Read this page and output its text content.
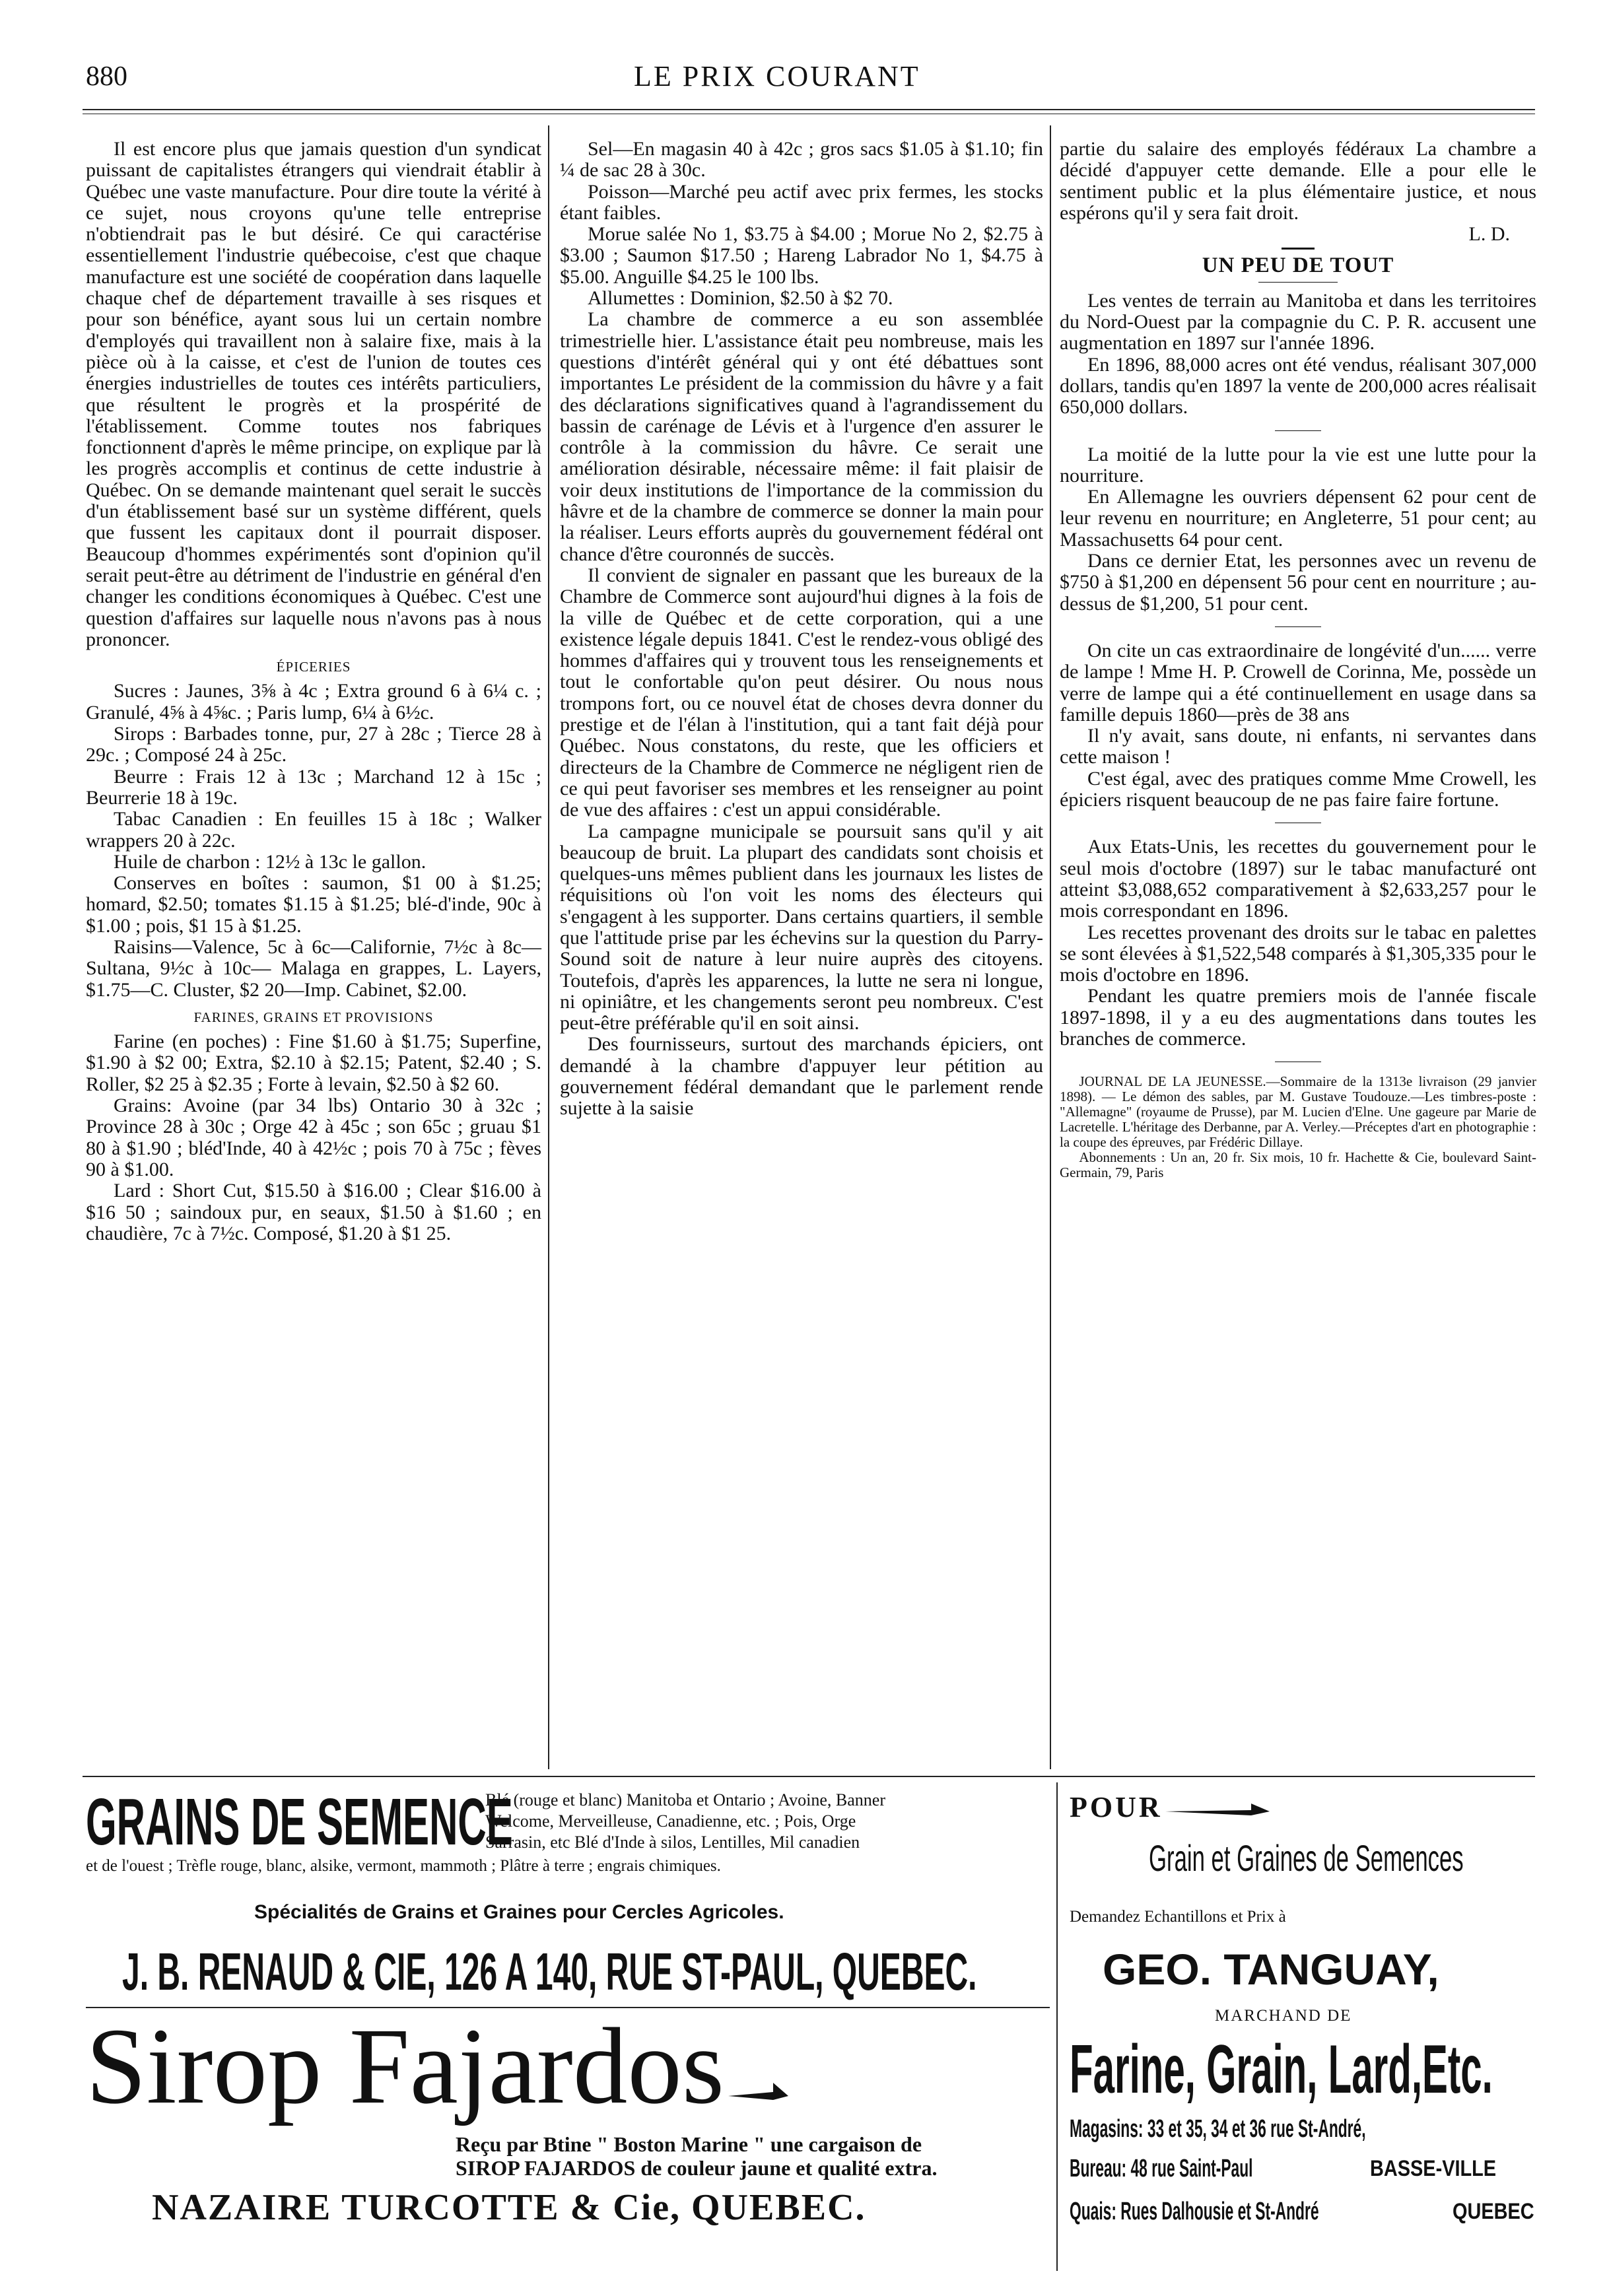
880	LE PRIX COURANT

Il est encore plus que jamais question d'un syndicat puissant de capitalistes étrangers qui viendrait établir à Québec une vaste manufacture. Pour dire toute la vérité à ce sujet, nous croyons qu'une telle entreprise n'obtiendrait pas le but désiré. Ce qui caractérise essentiellement l'industrie québecoise, c'est que chaque manufacture est une société de coopération dans laquelle chaque chef de département travaille à ses risques et pour son bénéfice, ayant sous lui un certain nombre d'employés qui travaillent non à salaire fixe, mais à la pièce où à la caisse, et c'est de l'union de toutes ces énergies industrielles de toutes ces intérêts particuliers, que résultent le progrès et la prospérité de l'établissement. Comme toutes nos fabriques fonctionnent d'après le même principe, on explique par là les progrès accomplis et continus de cette industrie à Québec. On se demande maintenant quel serait le succès d'un établissement basé sur un système différent, quels que fussent les capitaux dont il pourrait disposer. Beaucoup d'hommes expérimentés sont d'opinion qu'il serait peut-être au détriment de l'industrie en général d'en changer les conditions économiques à Québec. C'est une question d'affaires sur laquelle nous n'avons pas à nous prononcer.

ÉPICERIES

Sucres : Jaunes, 3⅝ à 4c ; Extra ground 6 à 6¼ c. ; Granulé, 4⅝ à 4⅝c. ; Paris lump, 6¼ à 6½c.

Sirops : Barbades tonne, pur, 27 à 28c ; Tierce 28 à 29c. ; Composé 24 à 25c.

Beurre : Frais 12 à 13c ; Marchand 12 à 15c ; Beurrerie 18 à 19c.

Tabac Canadien : En feuilles 15 à 18c ; Walker wrappers 20 à 22c.

Huile de charbon : 12½ à 13c le gallon.

Conserves en boîtes : saumon, $1 00 à $1.25; homard, $2.50; tomates $1.15 à $1.25; blé-d'inde, 90c à $1.00 ; pois, $1 15 à $1.25.

Raisins—Valence, 5c à 6c—Californie, 7½c à 8c—Sultana, 9½c à 10c— Malaga en grappes, L. Layers, $1.75—C. Cluster, $2 20—Imp. Cabinet, $2.00.

FARINES, GRAINS ET PROVISIONS

Farine (en poches) : Fine $1.60 à $1.75; Superfine, $1.90 à $2 00; Extra, $2.10 à $2.15; Patent, $2.40 ; S. Roller, $2 25 à $2.35 ; Forte à levain, $2.50 à $2 60.

Grains: Avoine (par 34 lbs) Ontario 30 à 32c ; Province 28 à 30c ; Orge 42 à 45c ; son 65c ; gruau $1 80 à $1.90 ; bléd'Inde, 40 à 42½c ; pois 70 à 75c ; fèves 90 à $1.00.

Lard : Short Cut, $15.50 à $16.00 ; Clear $16.00 à $16 50 ; saindoux pur, en seaux, $1.50 à $1.60 ; en chaudière, 7c à 7½c. Composé, $1.20 à $1 25.

Sel—En magasin 40 à 42c ; gros sacs $1.05 à $1.10; fin ¼ de sac 28 à 30c.

Poisson—Marché peu actif avec prix fermes, les stocks étant faibles.

Morue salée No 1, $3.75 à $4.00 ; Morue No 2, $2.75 à $3.00 ; Saumon $17.50 ; Hareng Labrador No 1, $4.75 à $5.00. Anguille $4.25 le 100 lbs.

Allumettes : Dominion, $2.50 à $2 70.

La chambre de commerce a eu son assemblée trimestrielle hier. L'assistance était peu nombreuse, mais les questions d'intérêt général qui y ont été débattues sont importantes Le président de la commission du hâvre y a fait des déclarations significatives quand à l'agrandissement du bassin de carénage de Lévis et à l'urgence d'en assurer le contrôle à la commission du hâvre. Ce serait une amélioration désirable, nécessaire même: il fait plaisir de voir deux institutions de l'importance de la commission du hâvre et de la chambre de commerce se donner la main pour la réaliser. Leurs efforts auprès du gouvernement fédéral ont chance d'être couronnés de succès.

Il convient de signaler en passant que les bureaux de la Chambre de Commerce sont aujourd'hui dignes à la fois de la ville de Québec et de cette corporation, qui a une existence légale depuis 1841. C'est le rendez-vous obligé des hommes d'affaires qui y trouvent tous les renseignements et tout le confortable qu'on peut désirer. Ou nous nous trompons fort, ou ce nouvel état de choses devra donner du prestige et de l'élan à l'institution, qui a tant fait déjà pour Québec. Nous constatons, du reste, que les officiers et directeurs de la Chambre de Commerce ne négligent rien de ce qui peut favoriser ses membres et les renseigner au point de vue des affaires : c'est un appui considérable.

La campagne municipale se poursuit sans qu'il y ait beaucoup de bruit. La plupart des candidats sont choisis et quelques-uns mêmes publient dans les journaux les listes de réquisitions où l'on voit les noms des électeurs qui s'engagent à les supporter. Dans certains quartiers, il semble que l'attitude prise par les échevins sur la question du Parry-Sound soit de nature à leur nuire auprès des citoyens. Toutefois, d'après les apparences, la lutte ne sera ni longue, ni opiniâtre, et les changements seront peu nombreux. C'est peut-être préférable qu'il en soit ainsi.

Des fournisseurs, surtout des marchands épiciers, ont demandé à la chambre d'appuyer leur pétition au gouvernement fédéral demandant que le parlement rende sujette à la saisie

partie du salaire des employés fédéraux La chambre a décidé d'appuyer cette demande. Elle a pour elle le sentiment public et la plus élémentaire justice, et nous espérons qu'il y sera fait droit.

L. D.
UN PEU DE TOUT

Les ventes de terrain au Manitoba et dans les territoires du Nord-Ouest par la compagnie du C. P. R. accusent une augmentation en 1897 sur l'année 1896.

En 1896, 88,000 acres ont été vendus, réalisant 307,000 dollars, tandis qu'en 1897 la vente de 200,000 acres réalisait 650,000 dollars.

La moitié de la lutte pour la vie est une lutte pour la nourriture.

En Allemagne les ouvriers dépensent 62 pour cent de leur revenu en nourriture; en Angleterre, 51 pour cent; au Massachusetts 64 pour cent.

Dans ce dernier Etat, les personnes avec un revenu de $750 à $1,200 en dépensent 56 pour cent en nourriture ; au-dessus de $1,200, 51 pour cent.

On cite un cas extraordinaire de longévité d'un...... verre de lampe ! Mme H. P. Crowell de Corinna, Me, possède un verre de lampe qui a été continuellement en usage dans sa famille depuis 1860—près de 38 ans

Il n'y avait, sans doute, ni enfants, ni servantes dans cette maison !

C'est égal, avec des pratiques comme Mme Crowell, les épiciers risquent beaucoup de ne pas faire faire fortune.

Aux Etats-Unis, les recettes du gouvernement pour le seul mois d'octobre (1897) sur le tabac manufacturé ont atteint $3,088,652 comparativement à $2,633,257 pour le mois correspondant en 1896.

Les recettes provenant des droits sur le tabac en palettes se sont élevées à $1,522,548 comparés à $1,305,335 pour le mois d'octobre en 1896.

Pendant les quatre premiers mois de l'année fiscale 1897-1898, il y a eu des augmentations dans toutes les branches de commerce.

JOURNAL DE LA JEUNESSE.—Sommaire de la 1313e livraison (29 janvier 1898). — Le démon des sables, par M. Gustave Toudouze.—Les timbres-poste : "Allemagne" (royaume de Prusse), par M. Lucien d'Elne. Une gageure par Marie de Lacretelle. L'héritage des Derbanne, par A. Verley.—Préceptes d'art en photographie : la coupe des épreuves, par Frédéric Dillaye.

Abonnements : Un an, 20 fr. Six mois, 10 fr. Hachette & Cie, boulevard Saint-Germain, 79, Paris

GRAINS DE SEMENCE
Blé (rouge et blanc) Manitoba et Ontario ; Avoine, Banner
Welcome, Merveilleuse, Canadienne, etc. ; Pois, Orge
Sarrasin, etc Blé d'Inde à silos, Lentilles, Mil canadien
et de l'ouest ; Trèfle rouge, blanc, alsike, vermont, mammoth ; Plâtre à terre ; engrais chimiques.
Spécialités de Grains et Graines pour Cercles Agricoles.
J. B. RENAUD & CIE, 126 A 140, RUE ST-PAUL, QUEBEC.
Sirop Fajardos
Reçu par Btine " Boston Marine " une cargaison de
SIROP FAJARDOS de couleur jaune et qualité extra.
NAZAIRE TURCOTTE & Cie, QUEBEC.
POUR
Grain et Graines de Semences
Demandez Echantillons et Prix à
GEO. TANGUAY,
MARCHAND DE
Farine, Grain, Lard,Etc.
Magasins: 33 et 35, 34 et 36 rue St-André,
Bureau: 48 rue Saint-Paul	BASSE-VILLE
Quais: Rues Dalhousie et St-André	QUEBEC
